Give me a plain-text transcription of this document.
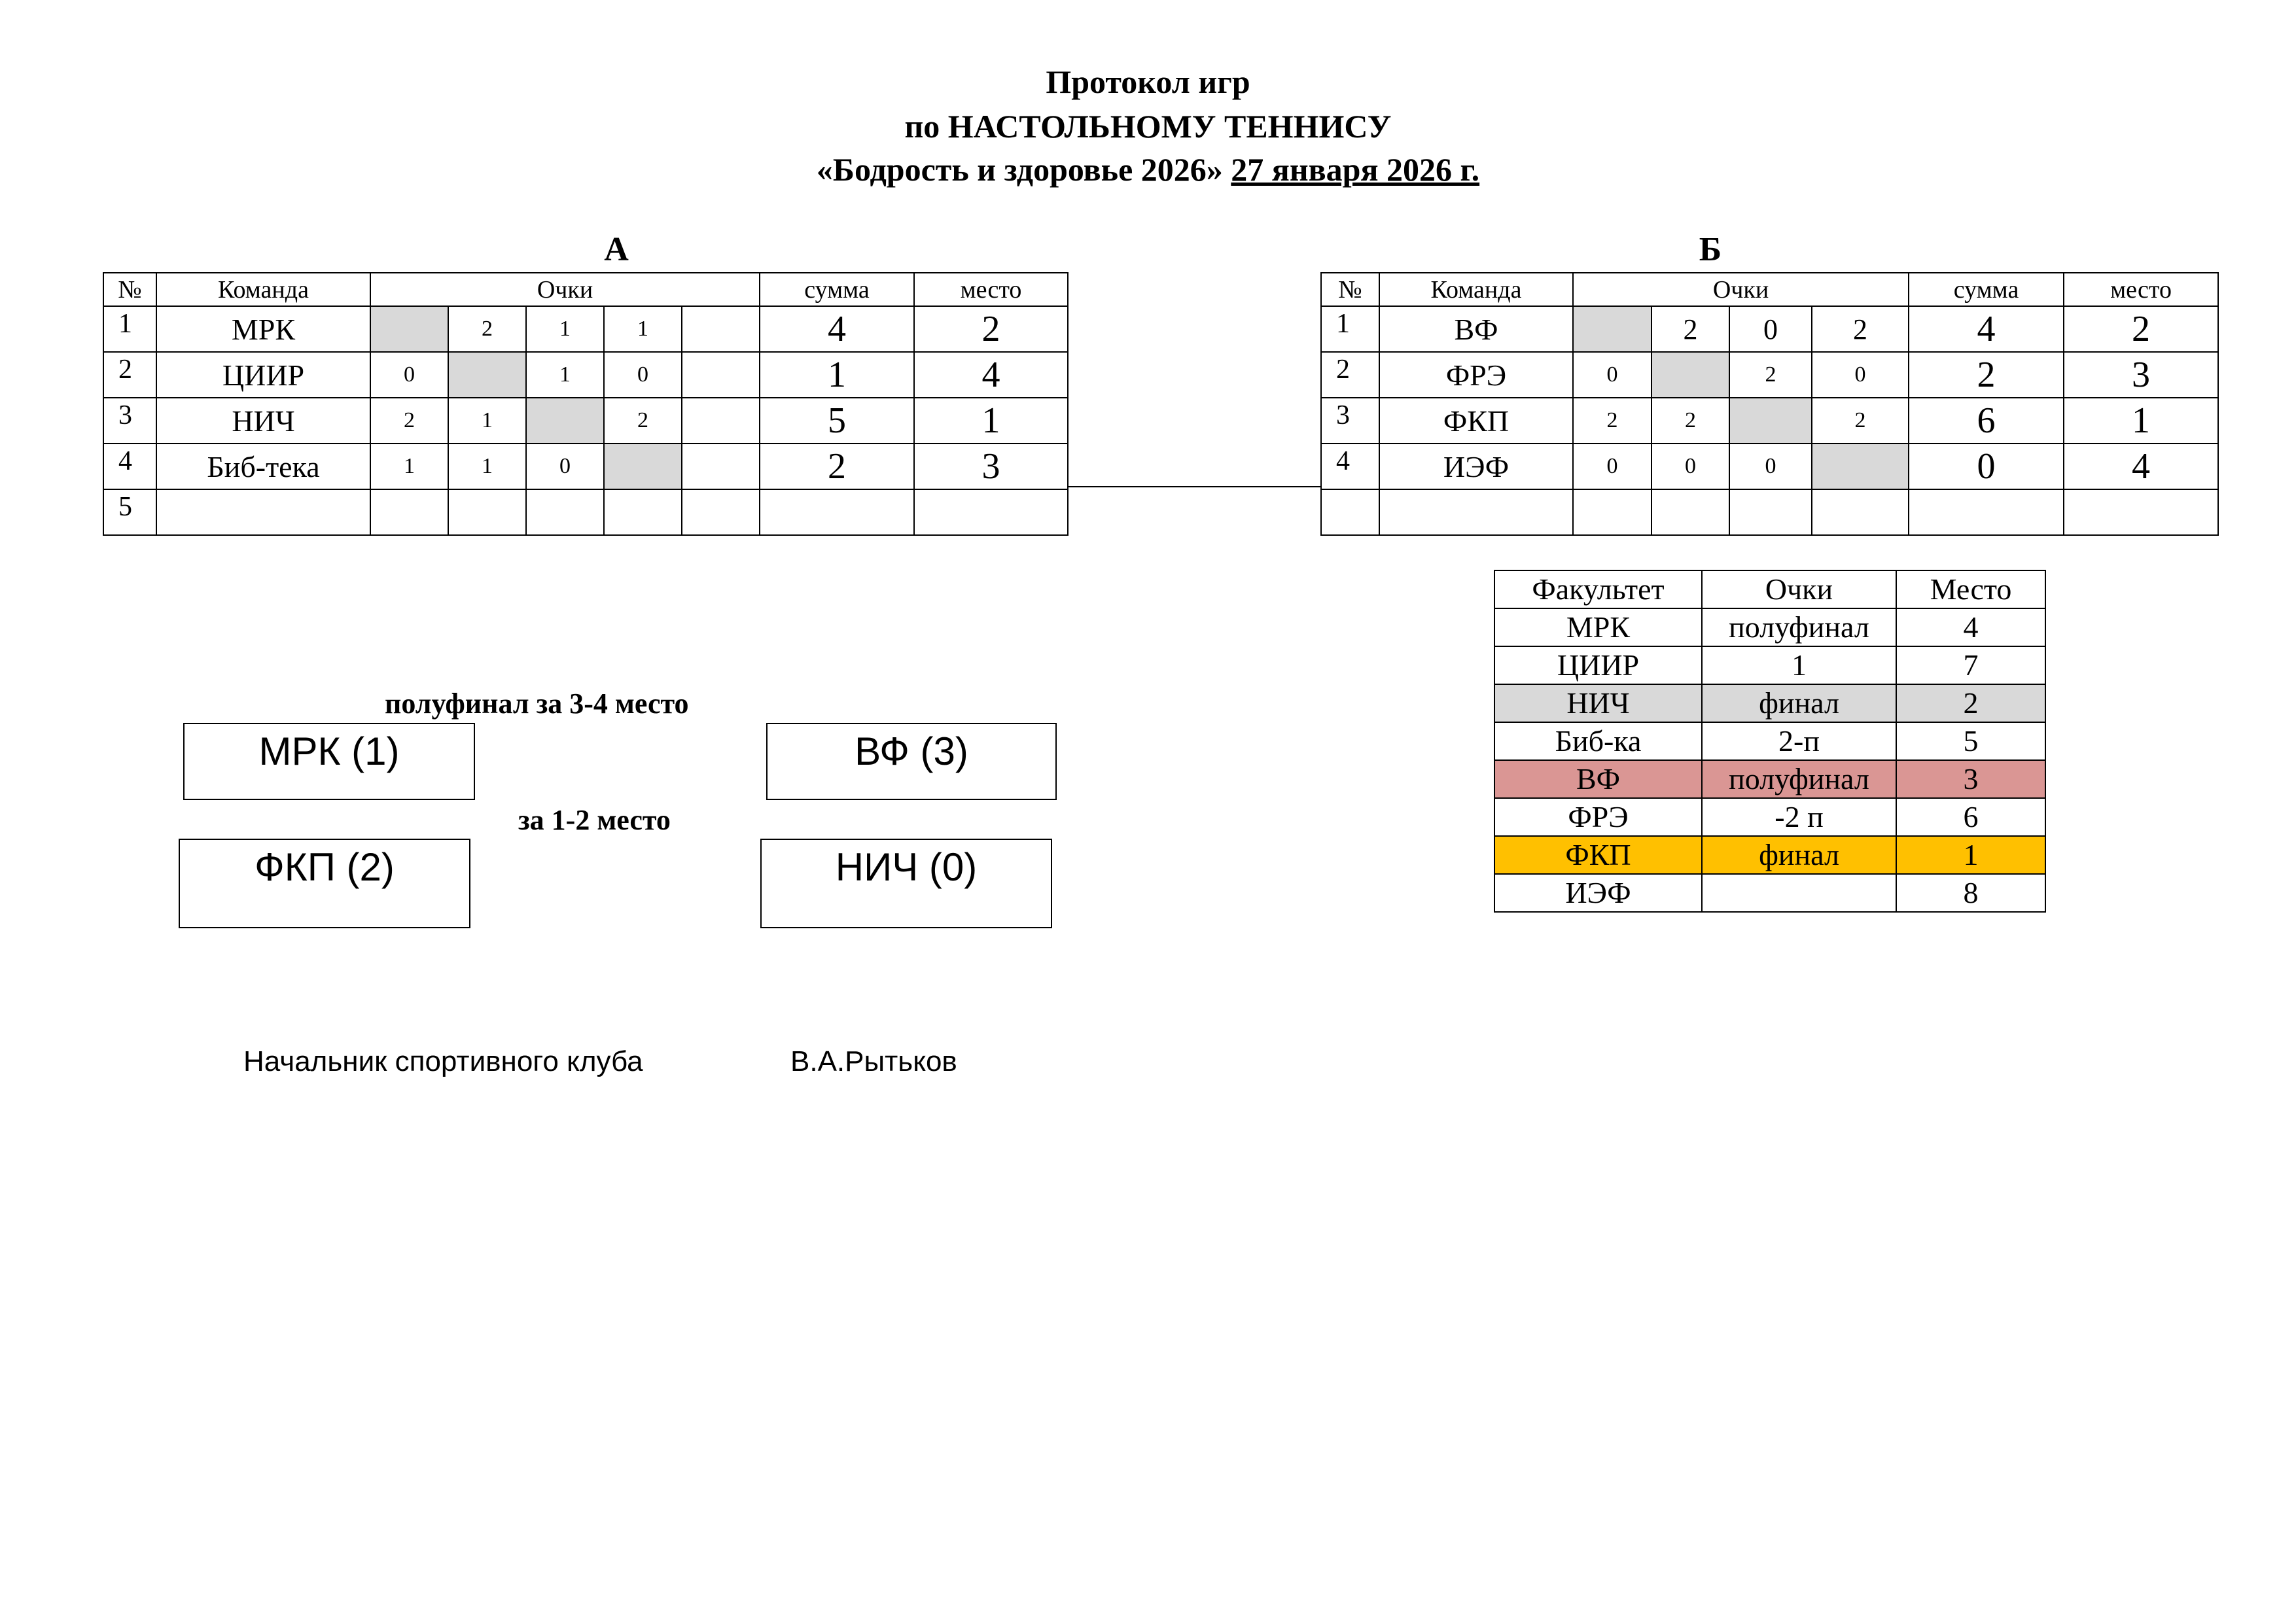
Протокол игр
по НАСТОЛЬНОМУ ТЕННИСУ
«Бодрость и здоровье 2026» 27 января 2026 г.
А	Б
№	Команда	Очки					сумма	место
1	МРК		2	1	1		4	2
2	ЦИИР	0		1	0		1	4
3	НИЧ	2	1		2		5	1
4	Биб-тека	1	1	0			2	3
5								
№	Команда	Очки				сумма	место
1	ВФ		2	0	2	4	2
2	ФРЭ	0		2	0	2	3
3	ФКП	2	2		2	6	1
4	ИЭФ	0	0	0		0	4

Факультет	Очки	Место
МРК	полуфинал	4
ЦИИР	1	7
НИЧ	финал	2
Биб-ка	2-п	5
ВФ	полуфинал	3
ФРЭ	-2 п	6
ФКП	финал	1
ИЭФ		8
полуфинал за 3-4 место
МРК (1)	ВФ (3)
за 1-2 место
ФКП (2)	НИЧ (0)
Начальник спортивного клуба	В.А.Рытьков
